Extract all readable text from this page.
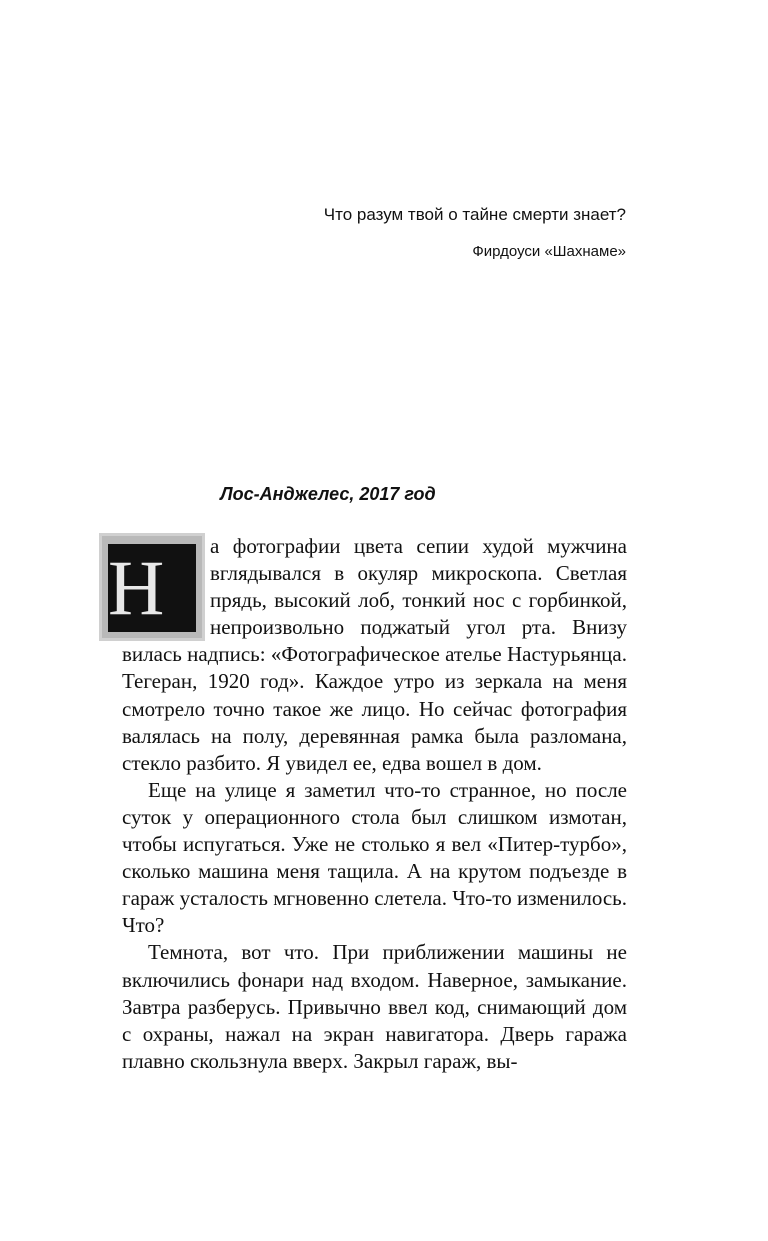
Что разум твой о тайне смерти знает?
Фирдоуси «Шахнаме»
Лос-Анджелес, 2017 год

Н	а фотографии цвета сепии худой мужчина вглядывался в окуляр микроскопа. Светлая прядь, высокий лоб, тонкий нос с горбинкой, непроизвольно поджатый угол рта. Внизу вилась надпись: «Фотографическое ателье Настурьянца. Тегеран, 1920 год». Каждое утро из зеркала на меня смотрело точно такое же лицо. Но сейчас фотография валялась на полу, деревянная рамка была разломана, стекло разбито. Я увидел ее, едва вошел в дом.

Еще на улице я заметил что-то странное, но после суток у операционного стола был слишком измотан, чтобы испугаться. Уже не столько я вел «Питер-турбо», сколько машина меня тащила. А на крутом подъезде в гараж усталость мгновенно слетела. Что-то изменилось. Что?

Темнота, вот что. При приближении машины не включились фонари над входом. Наверное, замыкание. Завтра разберусь. Привычно ввел код, снимающий дом с охраны, нажал на экран навигатора. Дверь гаража плавно скользнула вверх. Закрыл гараж, вы-
